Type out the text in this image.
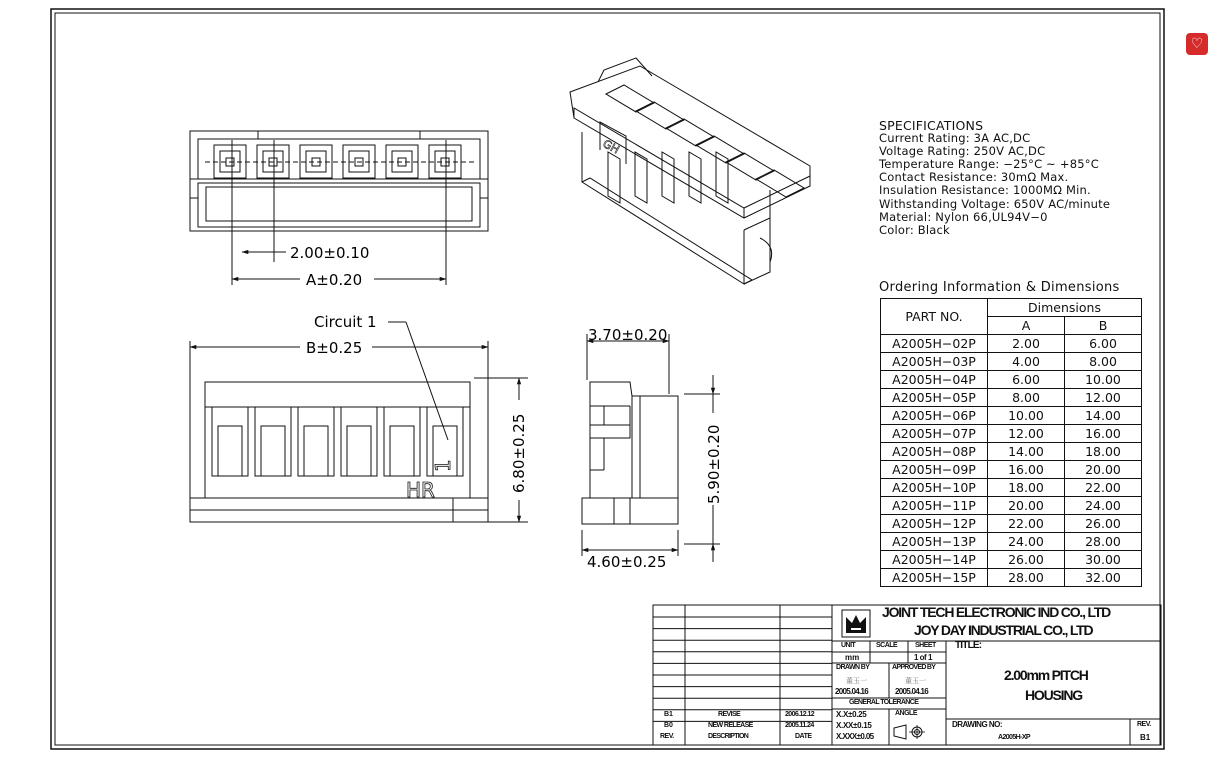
2.00±0.10
A±0.20
B±0.25
Circuit 1
6.80±0.25
HR
1
3.70±0.20
5.90±0.20
4.60±0.25
GH
♡
JOINT TECH ELECTRONIC IND CO., LTD
JOY DAY INDUSTRIAL CO., LTD
UNIT	SCALE	SHEET
mm	1 of 1
TITLE:
2.00mm PITCH
HOUSING
DRAWN BY	APPROVED BY
董玉一	董玉一
2005.04.16	2005.04.16
GENERAL TOLERANCE
X.X±0.25
X.XX±0.15
X.XXX±0.05
ANGLE
DRAWING NO:
A2005H-XP
REV.
B1
B1	REVISE	2006.12.12
B0	NEW RELEASE	2005.11.24
REV.	DESCRIPTION	DATE
SPECIFICATIONS
Current Rating: 3A AC,DC
Voltage Rating: 250V AC,DC
Temperature Range: −25°C ~ +85°C
Contact Resistance: 30mΩ Max.
Insulation Resistance: 1000MΩ Min.
Withstanding Voltage: 650V AC/minute
Material: Nylon 66,UL94V−0
Color: Black
Ordering Information & Dimensions
PART NO.	Dimensions	
	A	B
A2005H−02P	2.00	6.00
A2005H−03P	4.00	8.00
A2005H−04P	6.00	10.00
A2005H−05P	8.00	12.00
A2005H−06P	10.00	14.00
A2005H−07P	12.00	16.00
A2005H−08P	14.00	18.00
A2005H−09P	16.00	20.00
A2005H−10P	18.00	22.00
A2005H−11P	20.00	24.00
A2005H−12P	22.00	26.00
A2005H−13P	24.00	28.00
A2005H−14P	26.00	30.00
A2005H−15P	28.00	32.00
